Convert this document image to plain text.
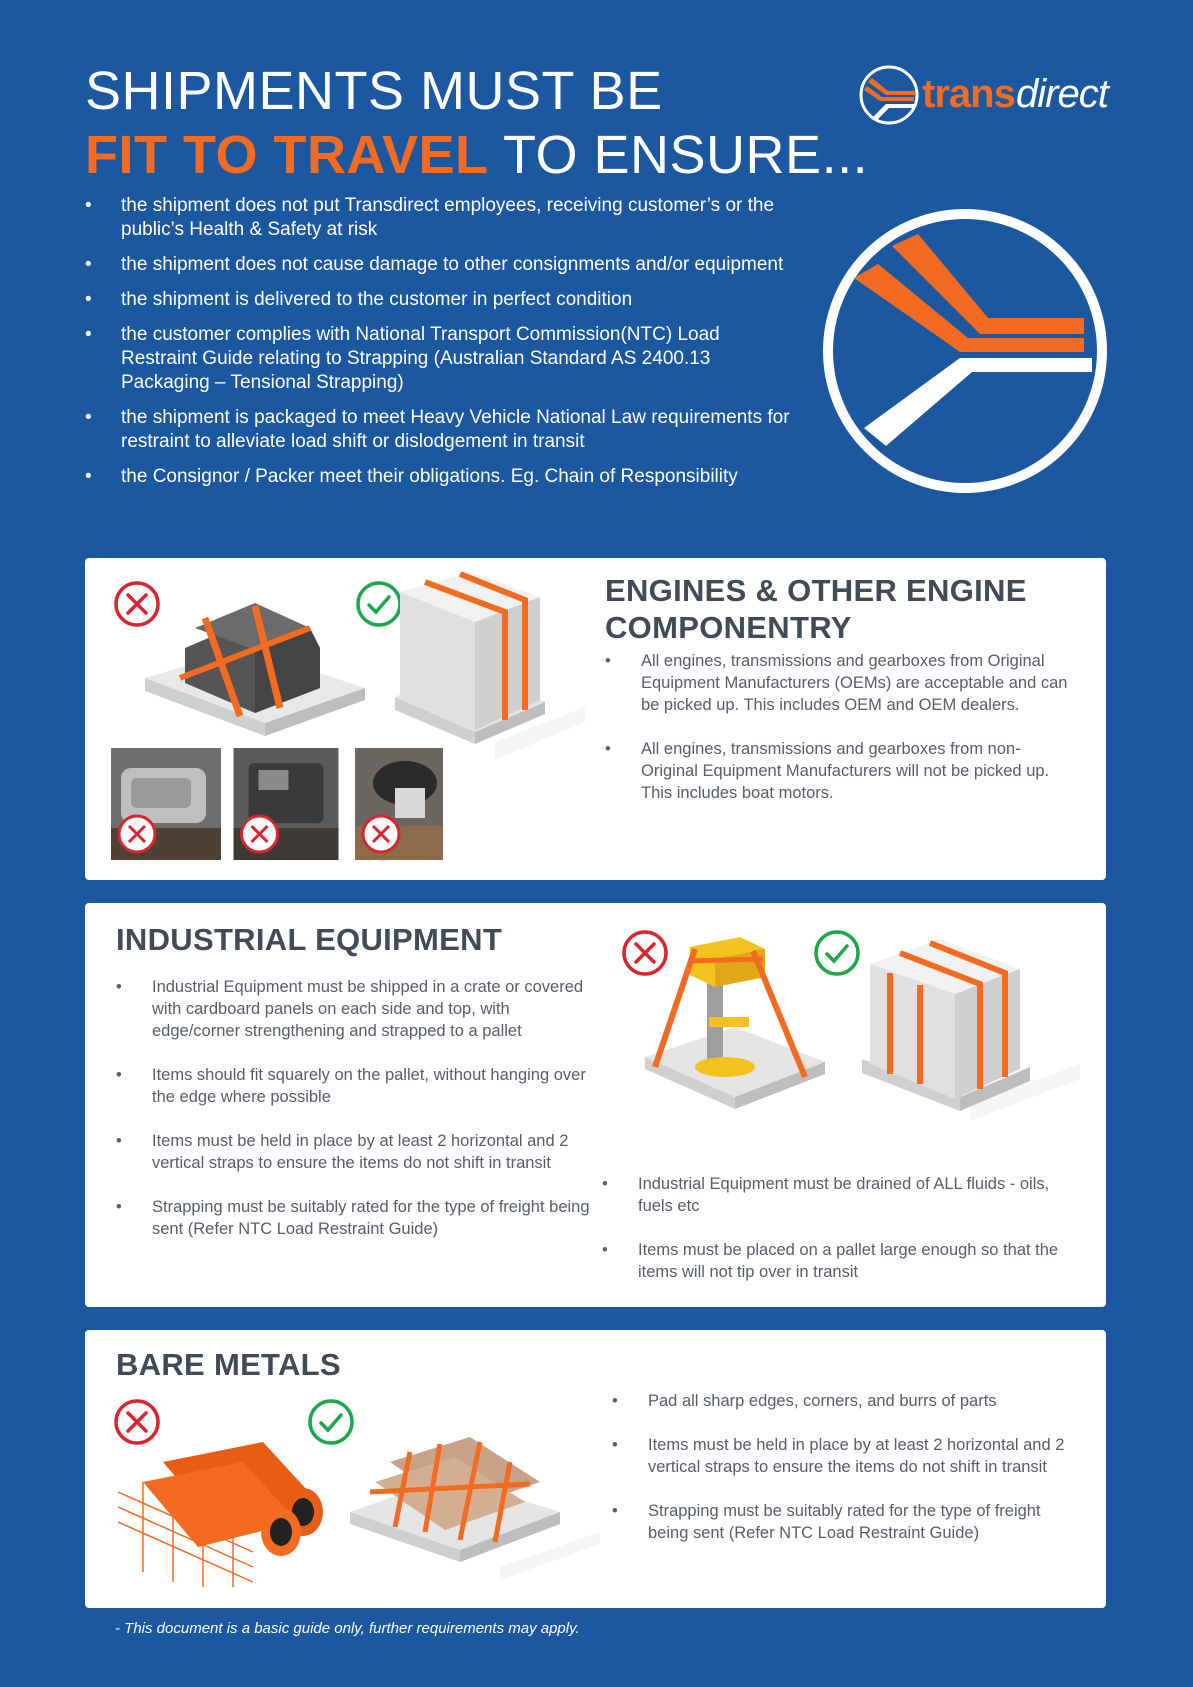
SHIPMENTS MUST BE
FIT TO TRAVEL TO ENSURE...
trans direct
• the shipment does not put Transdirect employees, receiving customer’s or the public’s Health & Safety at risk
• the shipment does not cause damage to other consignments and/or equipment
• the shipment is delivered to the customer in perfect condition
• the customer complies with National Transport Commission(NTC) Load Restraint Guide relating to Strapping (Australian Standard AS 2400.13 Packaging – Tensional Strapping)
• the shipment is packaged to meet Heavy Vehicle National Law requirements for restraint to alleviate load shift or dislodgement in transit
• the Consignor / Packer meet their obligations. Eg. Chain of Responsibility
ENGINES & OTHER ENGINE
COMPONENTRY
• All engines, transmissions and gearboxes from Original Equipment Manufacturers (OEMs) are acceptable and can be picked up. This includes OEM and OEM dealers.
• All engines, transmissions and gearboxes from non-Original Equipment Manufacturers will not be picked up. This includes boat motors.
INDUSTRIAL EQUIPMENT
• Industrial Equipment must be shipped in a crate or covered with cardboard panels on each side and top, with edge/corner strengthening and strapped to a pallet
• Items should fit squarely on the pallet, without hanging over the edge where possible
• Items must be held in place by at least 2 horizontal and 2 vertical straps to ensure the items do not shift in transit
• Strapping must be suitably rated for the type of freight being sent (Refer NTC Load Restraint Guide)
• Industrial Equipment must be drained of ALL fluids - oils, fuels etc
• Items must be placed on a pallet large enough so that the items will not tip over in transit
BARE METALS
• Pad all sharp edges, corners, and burrs of parts
• Items must be held in place by at least 2 horizontal and 2 vertical straps to ensure the items do not shift in transit
• Strapping must be suitably rated for the type of freight being sent (Refer NTC Load Restraint Guide)
- This document is a basic guide only, further requirements may apply.
